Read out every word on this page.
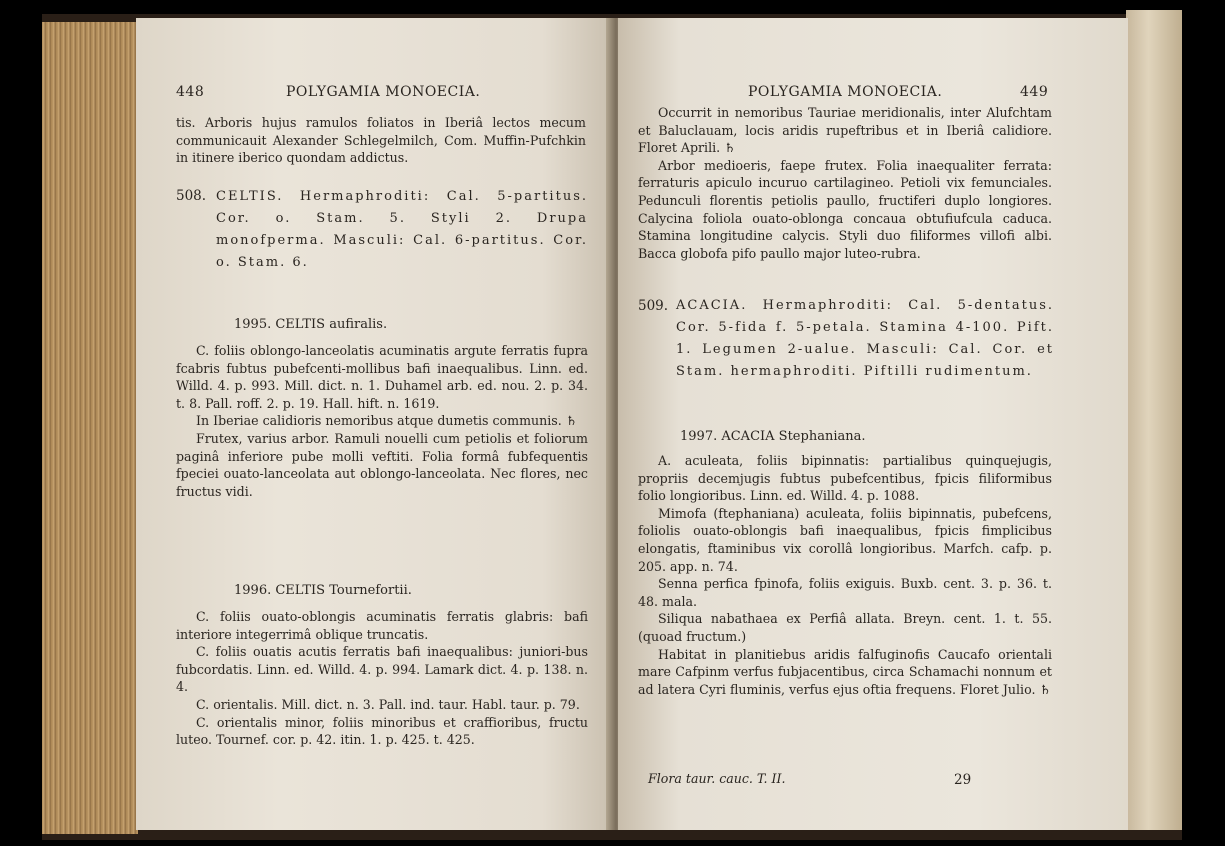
448	POLYGAMIA MONOECIA.

tis. Arboris hujus ramulos foliatos in Iberiâ lectos mecum communicauit Alexander Schlegelmilch, Com. Muffin-Pufchkin in itinere iberico quondam addictus.

508. CELTIS. Hermaphroditi: Cal. 5-partitus. Cor. o. Stam. 5. Styli 2. Drupa monofperma. Masculi: Cal. 6-partitus. Cor. o. Stam. 6.

1995. CELTIS aufiralis.

C. foliis oblongo-lanceolatis acuminatis argute ferratis fupra fcabris fubtus pubefcenti-mollibus bafi inaequalibus. Linn. ed. Willd. 4. p. 993. Mill. dict. n. 1. Duhamel arb. ed. nou. 2. p. 34. t. 8. Pall. roff. 2. p. 19. Hall. hift. n. 1619.

In Iberiae calidioris nemoribus atque dumetis communis. ♄

Frutex, varius arbor. Ramuli nouelli cum petiolis et foliorum paginâ inferiore pube molli veftiti. Folia formâ fubfequentis fpeciei ouato-lanceolata aut oblongo-lanceolata. Nec flores, nec fructus vidi.

1996. CELTIS Tournefortii.

C. foliis ouato-oblongis acuminatis ferratis glabris: bafi interiore integerrimâ oblique truncatis.

C. foliis ouatis acutis ferratis bafi inaequalibus: juniori-bus fubcordatis. Linn. ed. Willd. 4. p. 994. Lamark dict. 4. p. 138. n. 4.

C. orientalis. Mill. dict. n. 3. Pall. ind. taur. Habl. taur. p. 79.

C. orientalis minor, foliis minoribus et craffioribus, fructu luteo. Tournef. cor. p. 42. itin. 1. p. 425. t. 425.

POLYGAMIA MONOECIA.	449

Occurrit in nemoribus Tauriae meridionalis, inter Alufchtam et Baluclauam, locis aridis rupeftribus et in Iberiâ calidiore. Floret Aprili. ♄

Arbor medioeris, faepe frutex. Folia inaequaliter ferrata: ferraturis apiculo incuruo cartilagineo. Petioli vix femunciales. Pedunculi florentis petiolis paullo, fructiferi duplo longiores. Calycina foliola ouato-oblonga concaua obtufiufcula caduca. Stamina longitudine calycis. Styli duo filiformes villofi albi. Bacca globofa pifo paullo major luteo-rubra.

509. ACACIA. Hermaphroditi: Cal. 5-dentatus. Cor. 5-fida f. 5-petala. Stamina 4-100. Pift. 1. Legumen 2-ualue. Masculi: Cal. Cor. et Stam. hermaphroditi. Piftilli rudimentum.

1997. ACACIA Stephaniana.

A. aculeata, foliis bipinnatis: partialibus quinquejugis, propriis decemjugis fubtus pubefcentibus, fpicis filiformibus folio longioribus. Linn. ed. Willd. 4. p. 1088.

Mimofa (ftephaniana) aculeata, foliis bipinnatis, pubefcens, foliolis ouato-oblongis bafi inaequalibus, fpicis fimplicibus elongatis, ftaminibus vix corollâ longioribus. Marfch. cafp. p. 205. app. n. 74.

Senna perfica fpinofa, foliis exiguis. Buxb. cent. 3. p. 36. t. 48. mala.

Siliqua nabathaea ex Perfiâ allata. Breyn. cent. 1. t. 55. (quoad fructum.)

Habitat in planitiebus aridis falfuginofis Caucafo orientali mare Cafpinm verfus fubjacentibus, circa Schamachi nonnum et ad latera Cyri fluminis, verfus ejus oftia frequens. Floret Julio. ♄

Flora taur. cauc. T. II.	29
